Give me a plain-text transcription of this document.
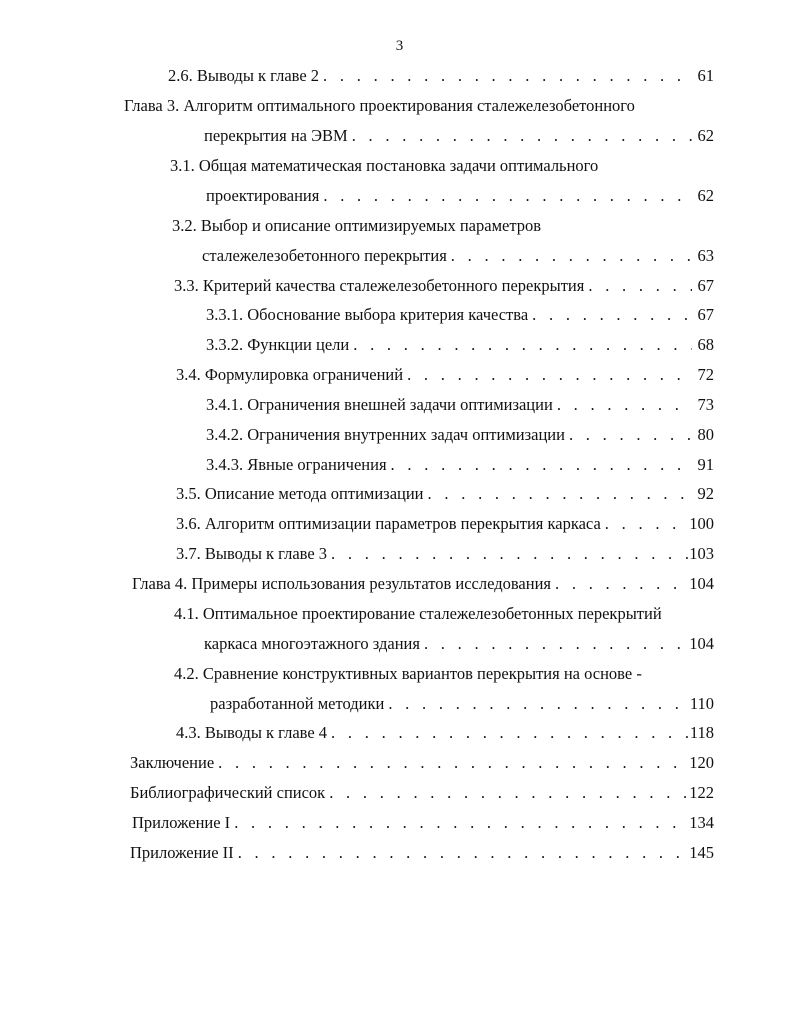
3
2.6. Выводы к главе 2 . . .	61
Глава 3. Алгоритм оптимального проектирования сталежелезобетонного
перекрытия на ЭВМ . . .	62
3.1. Общая математическая постановка задачи оптимального
проектирования . . .	62
3.2. Выбор и описание оптимизируемых параметров
сталежелезобетонного перекрытия . . .	63
3.3. Критерий качества сталежелезобетонного перекрытия . . .	67
3.3.1. Обоснование выбора критерия качества . . .	67
3.3.2. Функции цели . . .	68
3.4. Формулировка ограничений . . .	72
3.4.1. Ограничения внешней задачи оптимизации . . .	73
3.4.2. Ограничения внутренних задач оптимизации . . .	80
3.4.3. Явные ограничения . . .	91
3.5. Описание метода оптимизации . . .	92
3.6. Алгоритм оптимизации параметров перекрытия каркаса . . .	100
3.7. Выводы к главе 3 . . .	103
Глава 4. Примеры использования результатов исследования . . .	104
4.1. Оптимальное проектирование сталежелезобетонных перекрытий
каркаса многоэтажного здания . . .	104
4.2. Сравнение конструктивных вариантов перекрытия на основе -
разработанной методики . . .	110
4.3. Выводы к главе 4 . . .	118
Заключение . . .	120
Библиографический список . . .	122
Приложение I . . .	134
Приложение II . . .	145
